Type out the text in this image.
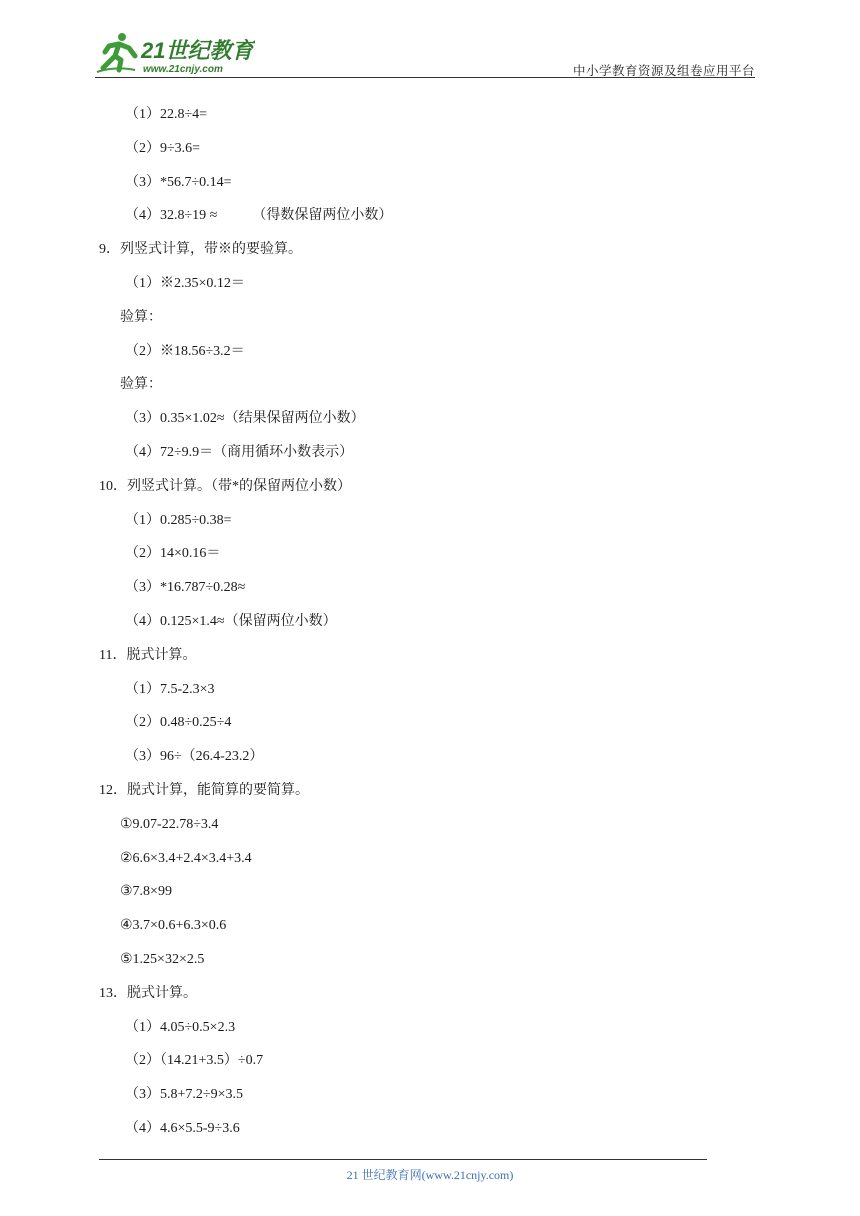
21世纪教育
www.21cnjy.com	中小学教育资源及组卷应用平台
（1）22.8÷4=
（2）9÷3.6=
（3）*56.7÷0.14=
（4）32.8÷19 ≈          （得数保留两位小数）
9．列竖式计算，带※的要验算。
（1）※2.35×0.12＝
验算：
（2）※18.56÷3.2＝
验算：
（3）0.35×1.02≈（结果保留两位小数）
（4）72÷9.9＝（商用循环小数表示）
10．列竖式计算。（带*的保留两位小数）
（1）0.285÷0.38=
（2）14×0.16＝
（3）*16.787÷0.28≈
（4）0.125×1.4≈（保留两位小数）
11．脱式计算。
（1）7.5-2.3×3
（2）0.48÷0.25÷4
（3）96÷（26.4-23.2）
12．脱式计算，能简算的要简算。
①9.07-22.78÷3.4
②6.6×3.4+2.4×3.4+3.4
③7.8×99
④3.7×0.6+6.3×0.6
⑤1.25×32×2.5
13．脱式计算。
（1）4.05÷0.5×2.3
（2）（14.21+3.5）÷0.7
（3）5.8+7.2÷9×3.5
（4）4.6×5.5-9÷3.6
21 世纪教育网(www.21cnjy.com)
